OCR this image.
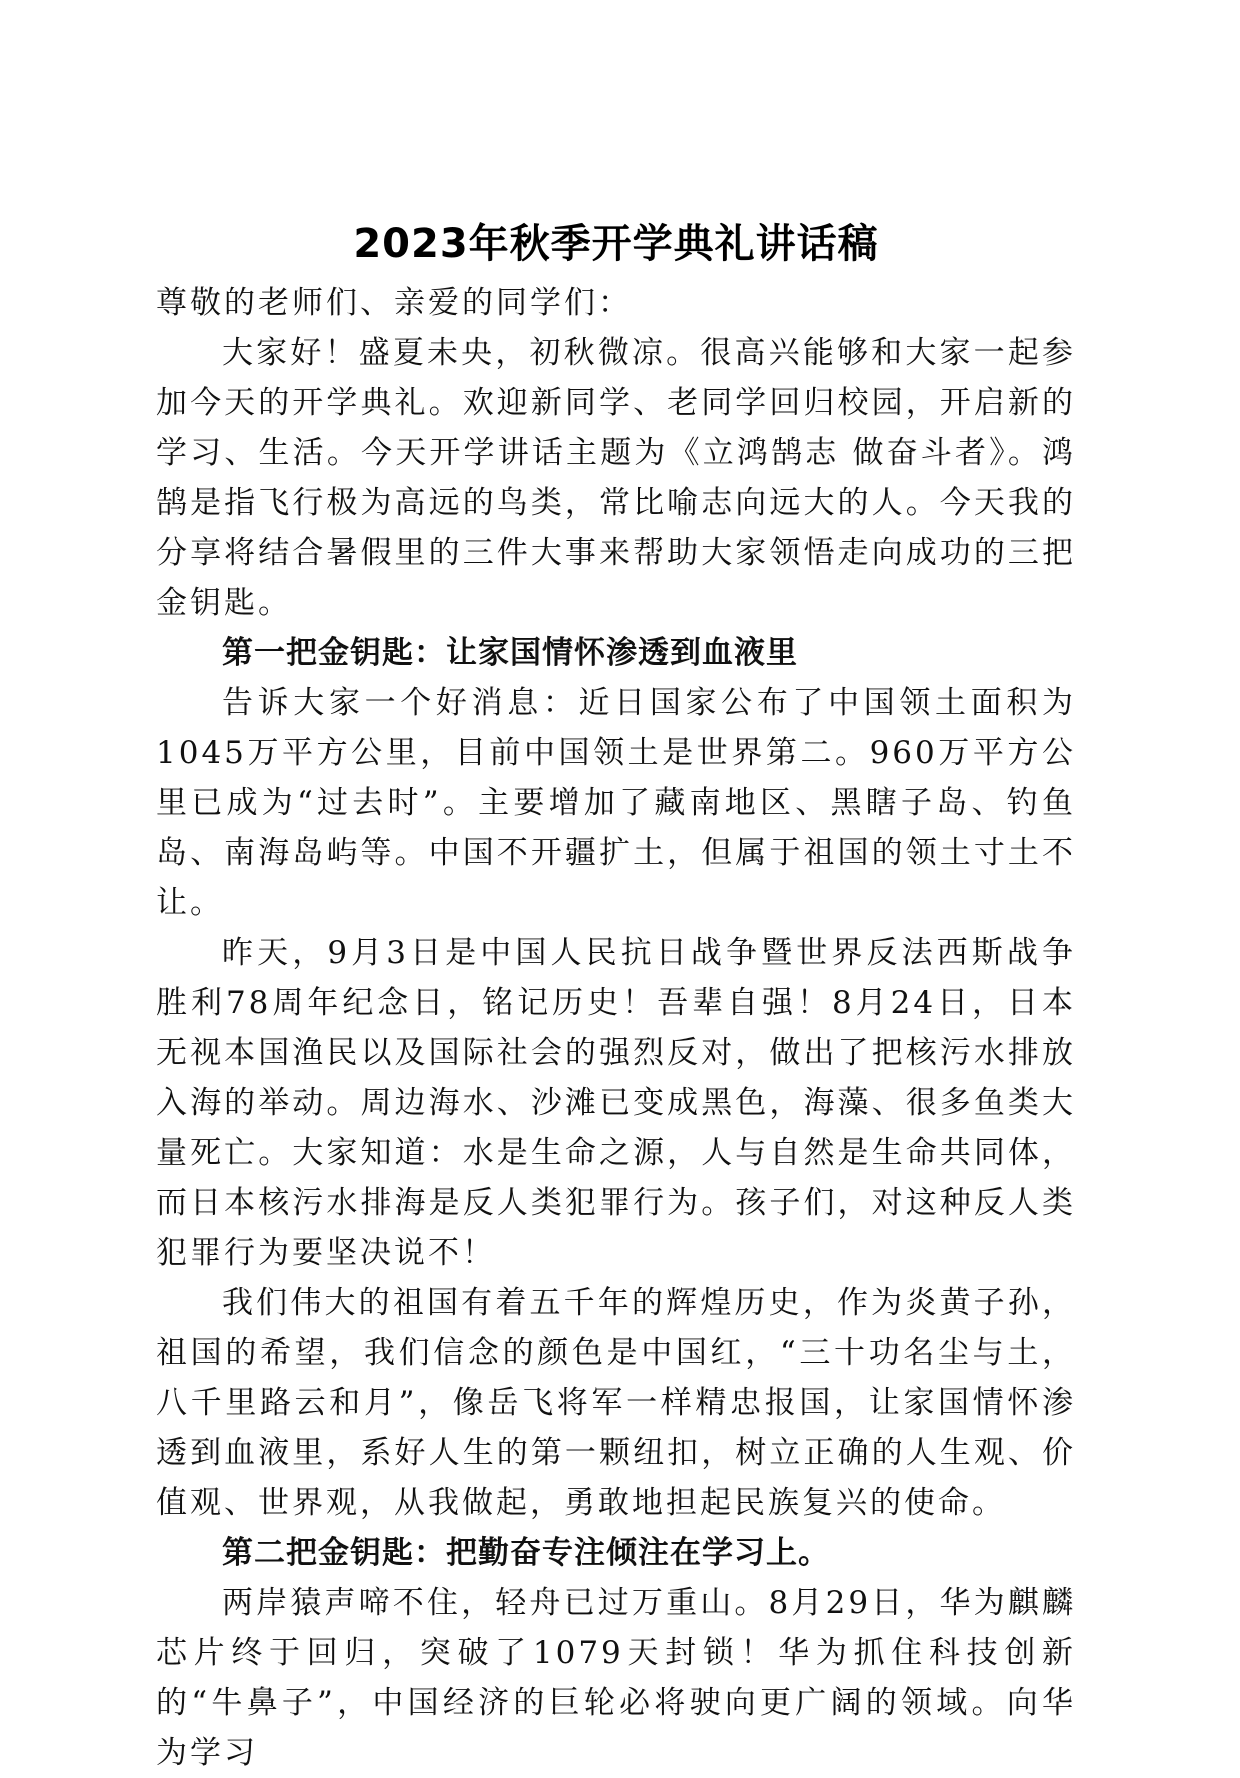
2023年秋季开学典礼讲话稿

尊敬的老师们、亲爱的同学们：

大家好！盛夏未央，初秋微凉。很高兴能够和大家一起参加今天的开学典礼。欢迎新同学、老同学回归校园，开启新的学习、生活。今天开学讲话主题为《立鸿鹄志 做奋斗者》。鸿鹄是指飞行极为高远的鸟类，常比喻志向远大的人。今天我的分享将结合暑假里的三件大事来帮助大家领悟走向成功的三把金钥匙。

第一把金钥匙：让家国情怀渗透到血液里

告诉大家一个好消息：近日国家公布了中国领土面积为1045万平方公里，目前中国领土是世界第二。960万平方公里已成为“过去时”。主要增加了藏南地区、黑瞎子岛、钓鱼岛、南海岛屿等。中国不开疆扩土，但属于祖国的领土寸土不让。

昨天，9月3日是中国人民抗日战争暨世界反法西斯战争胜利78周年纪念日，铭记历史！吾辈自强！8月24日，日本无视本国渔民以及国际社会的强烈反对，做出了把核污水排放入海的举动。周边海水、沙滩已变成黑色，海藻、很多鱼类大量死亡。大家知道：水是生命之源，人与自然是生命共同体，而日本核污水排海是反人类犯罪行为。孩子们，对这种反人类犯罪行为要坚决说不！

我们伟大的祖国有着五千年的辉煌历史，作为炎黄子孙，祖国的希望，我们信念的颜色是中国红，“三十功名尘与土，八千里路云和月”，像岳飞将军一样精忠报国，让家国情怀渗透到血液里，系好人生的第一颗纽扣，树立正确的人生观、价值观、世界观，从我做起，勇敢地担起民族复兴的使命。

第二把金钥匙：把勤奋专注倾注在学习上。

两岸猿声啼不住，轻舟已过万重山。8月29日，华为麒麟芯片终于回归，突破了1079天封锁！华为抓住科技创新的“牛鼻子”，中国经济的巨轮必将驶向更广阔的领域。向华为学习
